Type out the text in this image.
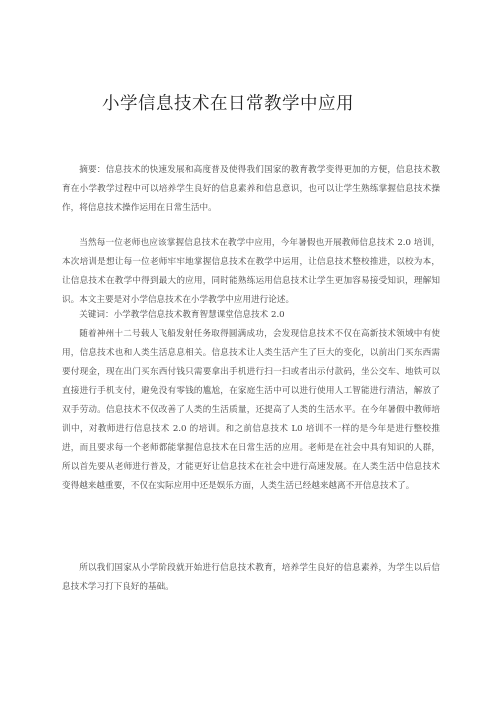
小学信息技术在日常教学中应用

摘要：信息技术的快速发展和高度普及使得我们国家的教育教学变得更加的方便，信息技术教育在小学教学过程中可以培养学生良好的信息素养和信息意识，也可以让学生熟练掌握信息技术操作，将信息技术操作运用在日常生活中。

当然每一位老师也应该掌握信息技术在教学中应用，今年暑假也开展教师信息技术 2.0 培训，本次培训是想让每一位老师牢牢地掌握信息技术在教学中运用，让信息技术整校推进，以校为本，让信息技术在教学中得到最大的应用，同时能熟练运用信息技术让学生更加容易接受知识，理解知识。本文主要是对小学信息技术在小学教学中应用进行论述。

关键词：小学教学信息技术教育智慧课堂信息技术 2.0

随着神州十二号载人飞船发射任务取得圆满成功，会发现信息技术不仅在高新技术领域中有使用，信息技术也和人类生活息息相关。信息技术让人类生活产生了巨大的变化，以前出门买东西需要付现金，现在出门买东西付钱只需要拿出手机进行扫一扫或者出示付款码，坐公交车、地铁可以直接进行手机支付，避免没有零钱的尴尬，在家庭生活中可以进行使用人工智能进行清洁，解放了双手劳动。信息技术不仅改善了人类的生活质量，还提高了人类的生活水平。在今年暑假中教师培训中，对教师进行信息技术 2.0 的培训。和之前信息技术 L0 培训不一样的是今年是进行整校推进，而且要求每一个老师都能掌握信息技术在日常生活的应用。老师是在社会中具有知识的人群，所以首先要从老师进行普及，才能更好让信息技术在社会中进行高速发展。在人类生活中信息技术变得越来越重要，不仅在实际应用中还是娱乐方面，人类生活已经越来越离不开信息技术了。

所以我们国家从小学阶段就开始进行信息技术教育，培养学生良好的信息素养，为学生以后信息技术学习打下良好的基础。
